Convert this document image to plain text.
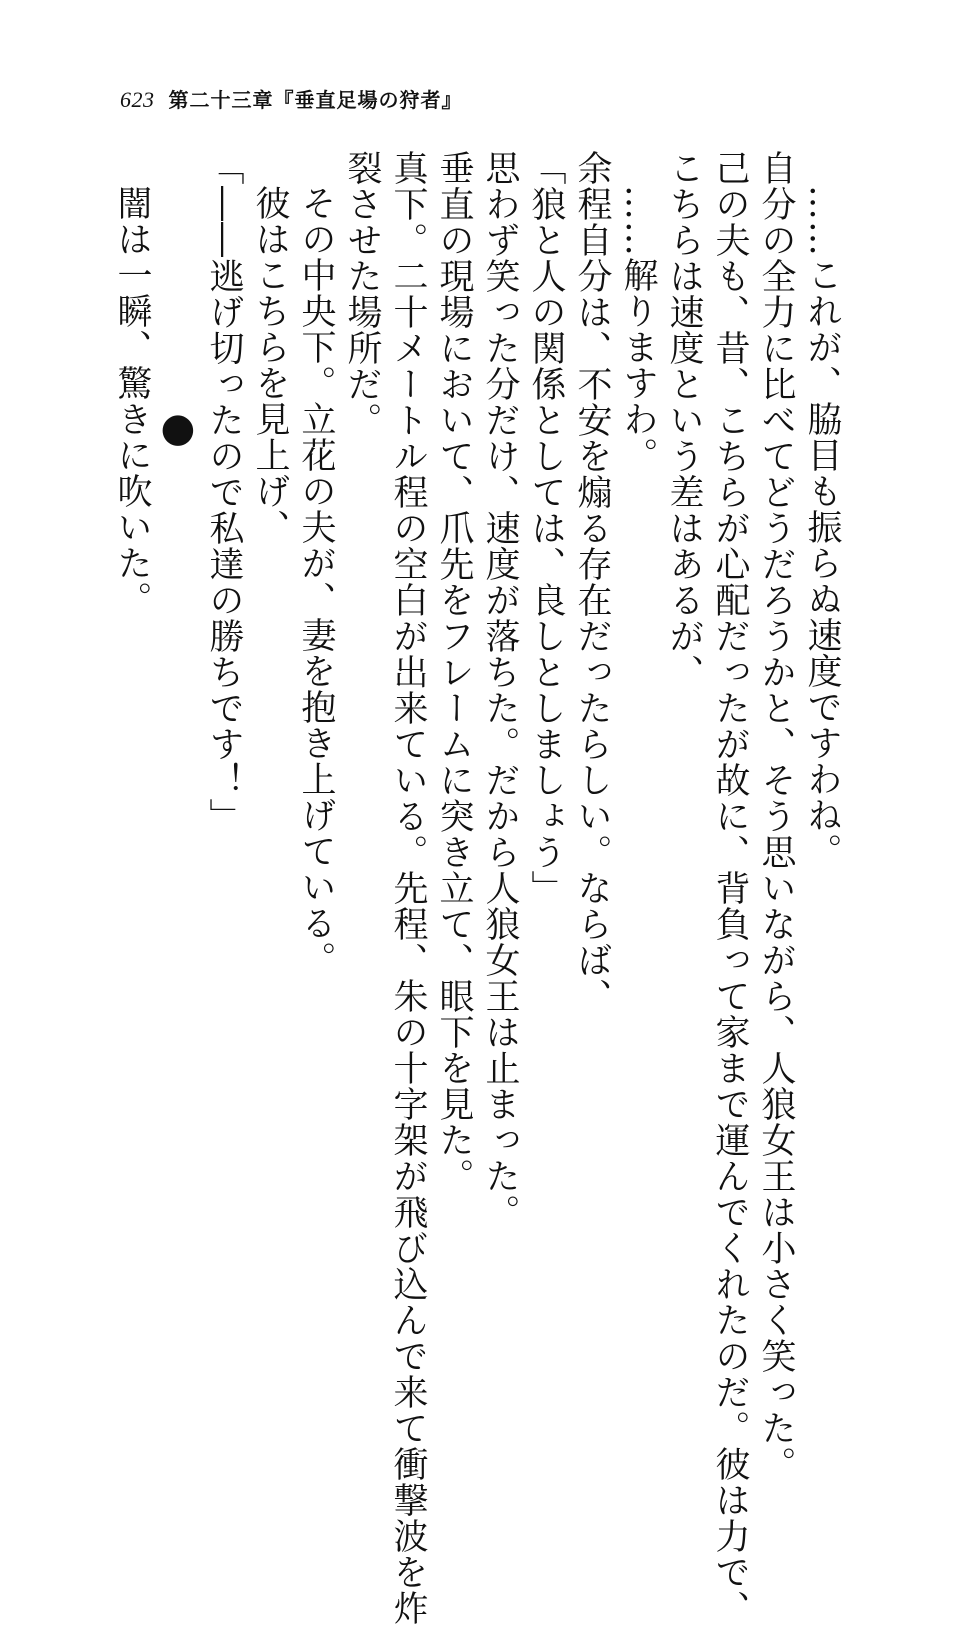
623 第二十三章『垂直足場の狩者』
……これが、脇目も振らぬ速度ですわね。
自分の全力に比べてどうだろうかと、そう思いながら、人狼女王は小さく笑った。
己の夫も、昔、こちらが心配だったが故に、背負って家まで運んでくれたのだ。彼は力で、
こちらは速度という差はあるが、
……解りますわ。
余程自分は、不安を煽る存在だったらしい。ならば、
「狼と人の関係としては、良しとしましょう」
思わず笑った分だけ、速度が落ちた。だから人狼女王は止まった。
垂直の現場において、爪先をフレームに突き立て、眼下を見た。
真下。二十メートル程の空白が出来ている。先程、朱の十字架が飛び込んで来て衝撃波を炸
裂させた場所だ。
その中央下。立花の夫が、妻を抱き上げている。
彼はこちらを見上げ、
「――逃げ切ったので私達の勝ちです！」
●
闇は一瞬、驚きに吹いた。
